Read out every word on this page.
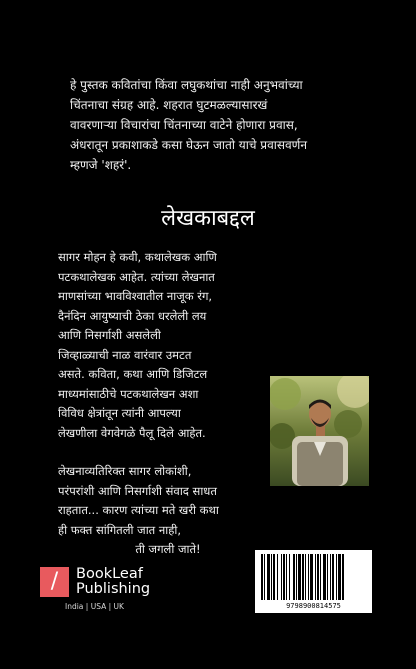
हे पुस्तक कवितांचा किंवा लघुकथांचा नाही अनुभवांच्या

चिंतनाचा संग्रह आहे. शहरात घुटमळल्यासारखं

वावरणाऱ्या विचारांचा चिंतनाच्या वाटेने होणारा प्रवास,

अंधरातून प्रकाशाकडे कसा घेऊन जातो याचे प्रवासवर्णन

म्हणजे 'शहरं'.

लेखकाबद्दल

सागर मोहन हे कवी, कथालेखक आणि

पटकथालेखक आहेत. त्यांच्या लेखनात

माणसांच्या भावविश्वातील नाजूक रंग,

दैनंदिन आयुष्याची ठेका धरलेली लय

आणि निसर्गाशी असलेली

जिव्हाळ्याची नाळ वारंवार उमटत

असते. कविता, कथा आणि डिजिटल

माध्यमांसाठीचे पटकथालेखन अशा

विविध क्षेत्रांतून त्यांनी आपल्या

लेखणीला वेगवेगळे पैलू दिले आहेत.

लेखनाव्यतिरिक्त सागर लोकांशी,

परंपरांशी आणि निसर्गाशी संवाद साधत

राहतात... कारण त्यांच्या मते खरी कथा

ही फक्त सांगितली जात नाही,

ती जगली जाते!

/	BookLeaf
Publishing
India | USA | UK	9798900814575
